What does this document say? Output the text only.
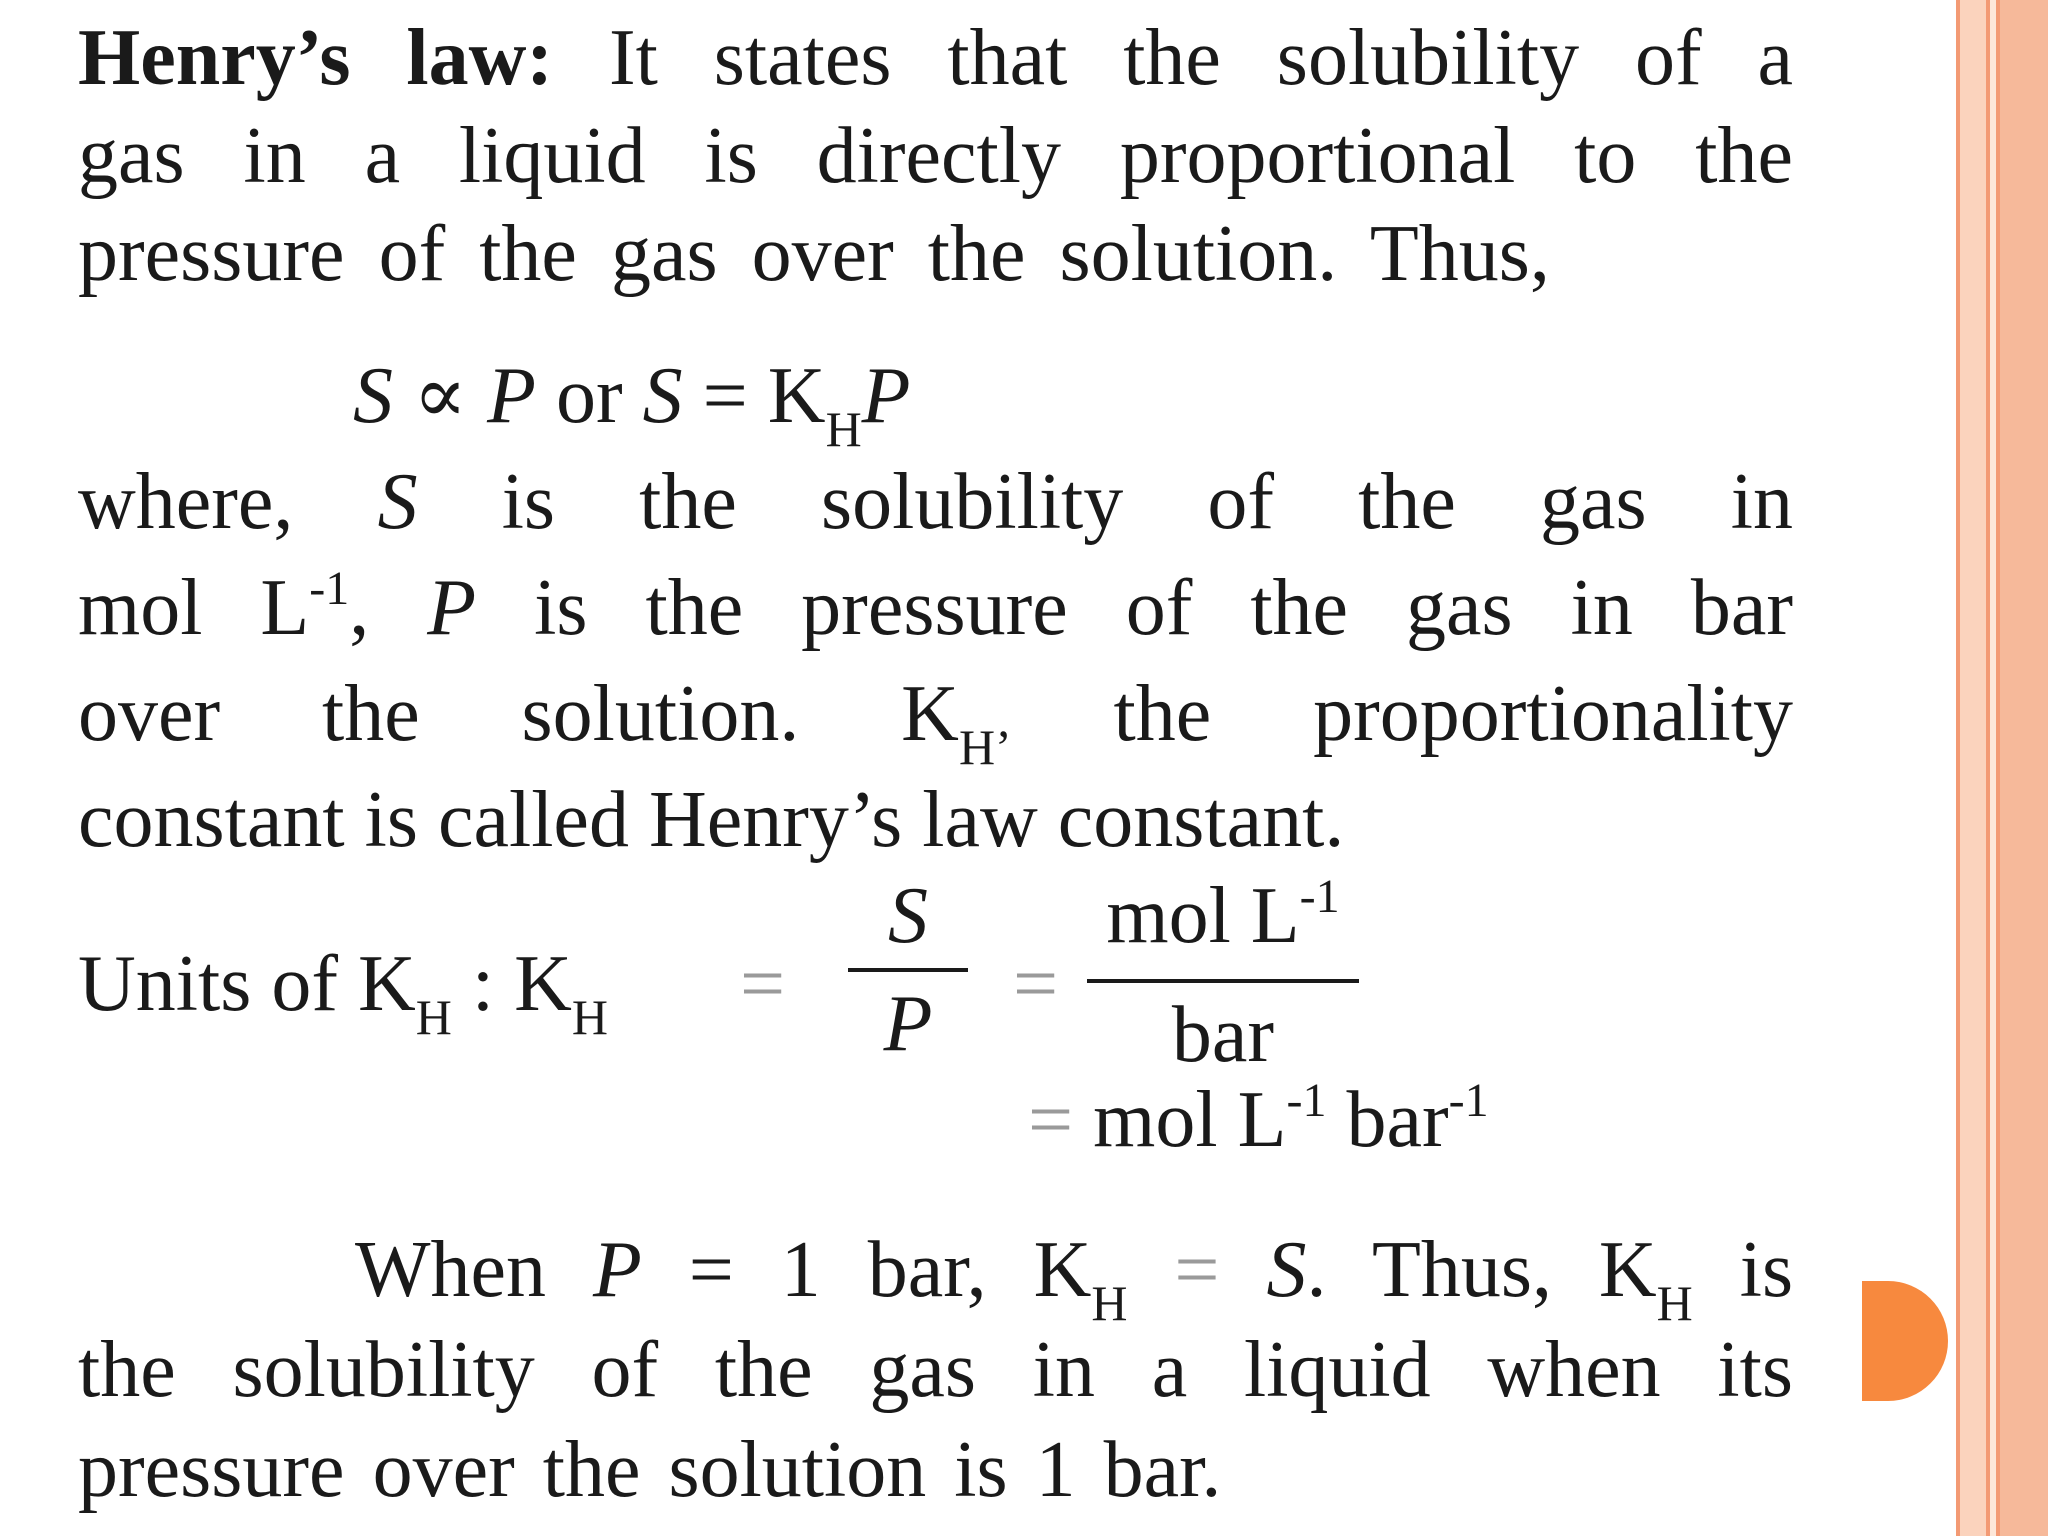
Henry’s law: It states that the solubility of a
gas in a liquid is directly proportional to the
pressure of the gas over the solution. Thus,
S ∝ P or $S = K_HP$
where, S is the solubility of the gas in
mol $L^{-1}$, P is the pressure of the gas in bar
over the solution. $K_{H’}$ the proportionality
constant is called Henry’s law constant.
Units of $K_H$ : $K_H$ =
S
P	=
mol $L^{-1}$
bar
= mol $L^{-1}$ bar$^{-1}$
When P = 1 bar, $K_H = S$. Thus, $K_H$ is
the solubility of the gas in a liquid when its
pressure over the solution is 1 bar.
